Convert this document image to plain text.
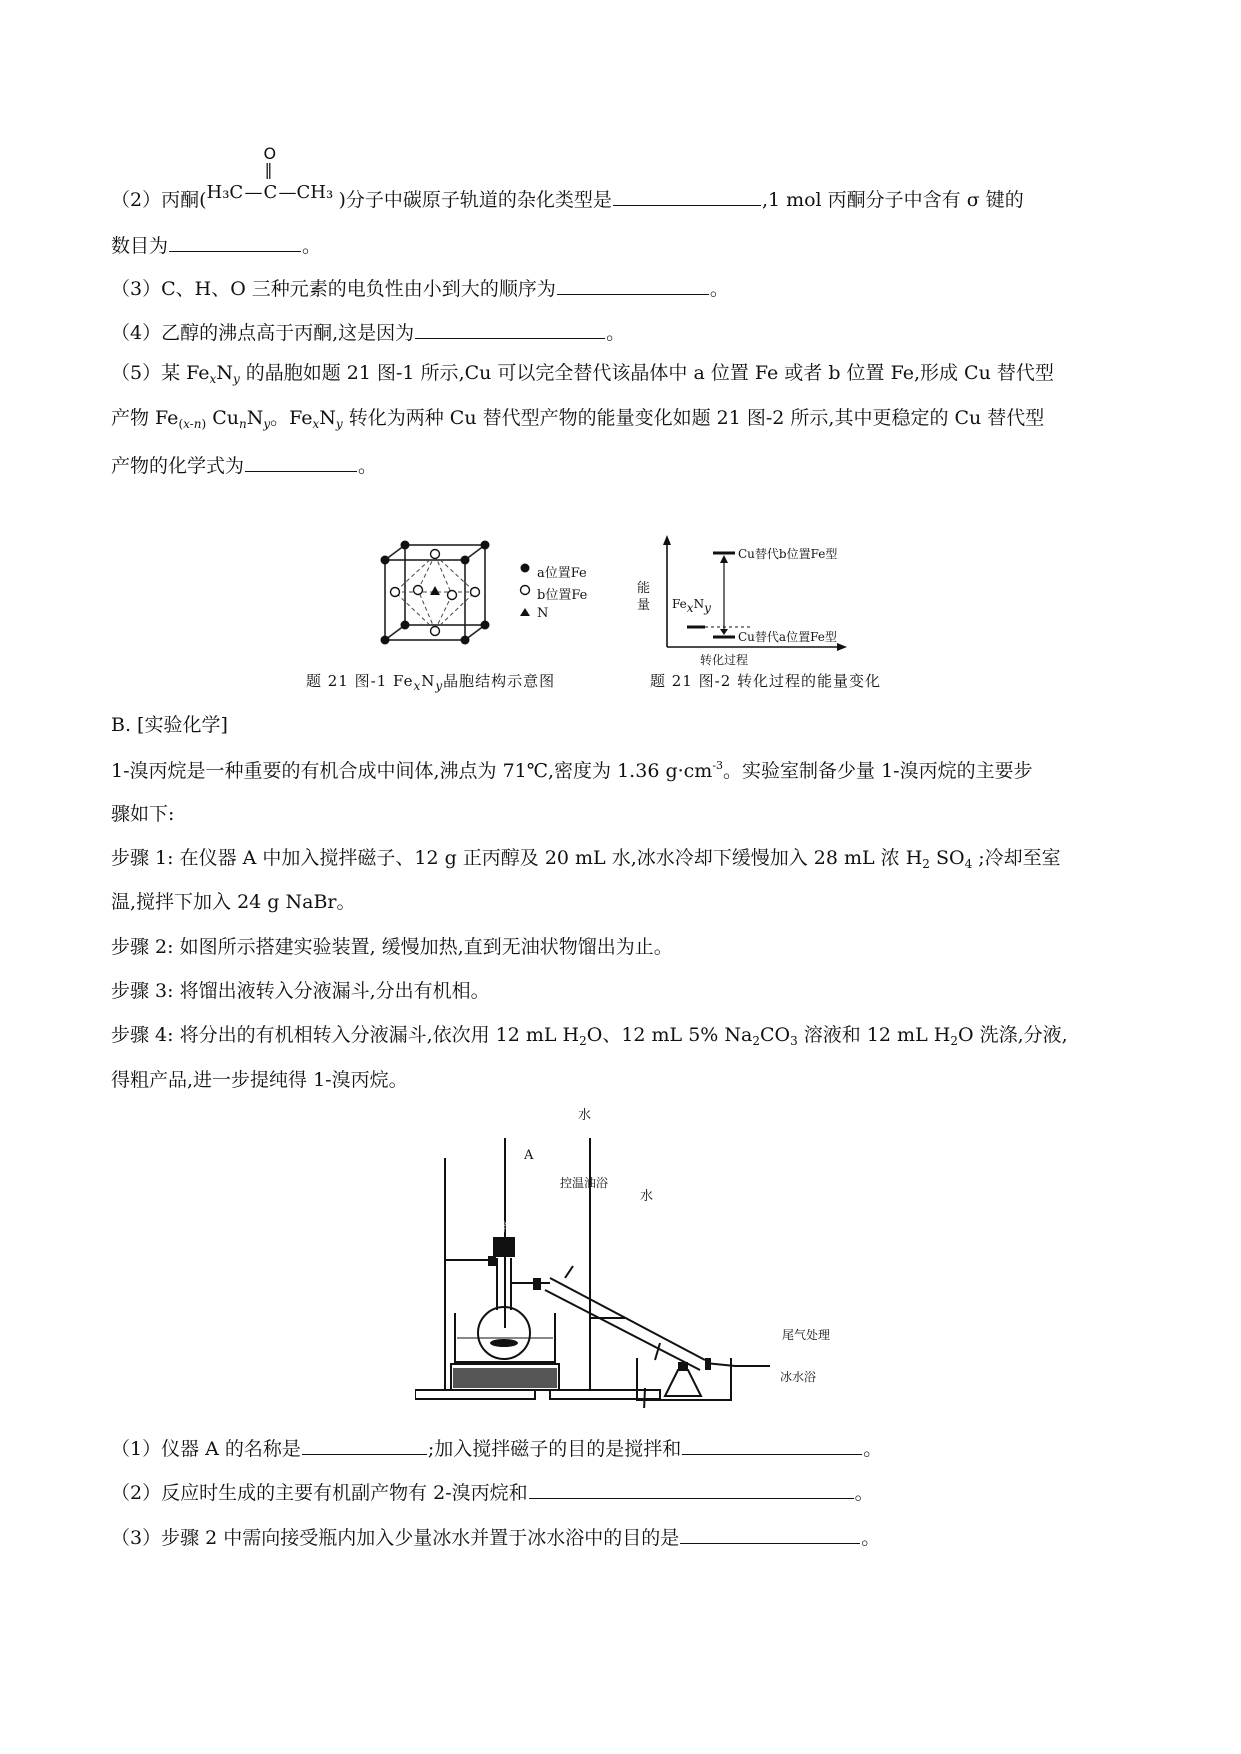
（2）丙酮(
O
‖
H₃C — C — CH₃ )分子中碳原子轨道的杂化类型是	,1 mol 丙酮分子中含有 σ 键的
数目为	。
（3）C、H、O 三种元素的电负性由小到大的顺序为	。
（4）乙醇的沸点高于丙酮,这是因为	。
（5）某 $Fe_xN_y$ 的晶胞如题 21 图-1 所示,Cu 可以完全替代该晶体中 a 位置 Fe 或者 b 位置 Fe,形成 Cu 替代型
产物 $Fe_{(x-n)}$ $Cu_nN_y$。$Fe_xN_y$ 转化为两种 Cu 替代型产物的能量变化如题 21 图-2 所示,其中更稳定的 Cu 替代型
产物的化学式为	。
a位置Fe
b位置Fe
N
题 21 图-1 $Fe_xN_y$晶胞结构示意图
能
量 $Fe_xN_y$
Cu替代b位置Fe型
Cu替代a位置Fe型
转化过程
题 21 图-2 转化过程的能量变化
B. [实验化学]
1-溴丙烷是一种重要的有机合成中间体,沸点为 71℃,密度为 1.36 $g\cdot cm^{-3}$。实验室制备少量 1-溴丙烷的主要步
骤如下:
步骤 1: 在仪器 A 中加入搅拌磁子、12 g 正丙醇及 20 mL 水,冰水冷却下缓慢加入 28 mL 浓 $H_2$ $SO_4$ ;冷却至室
温,搅拌下加入 24 g NaBr。
步骤 2: 如图所示搭建实验装置, 缓慢加热,直到无油状物馏出为止。
步骤 3: 将馏出液转入分液漏斗,分出有机相。
步骤 4: 将分出的有机相转入分液漏斗,依次用 12 mL $H_2O$、12 mL 5% $Na_2CO_3$ 溶液和 12 mL $H_2O$ 洗涤,分液,
得粗产品,进一步提纯得 1-溴丙烷。
A
水
水
控温油浴
磁力搅拌器
尾气处理
冰水浴
（1）仪器 A 的名称是	;加入搅拌磁子的目的是搅拌和	。
（2）反应时生成的主要有机副产物有 2-溴丙烷和	。
（3）步骤 2 中需向接受瓶内加入少量冰水并置于冰水浴中的目的是	。
